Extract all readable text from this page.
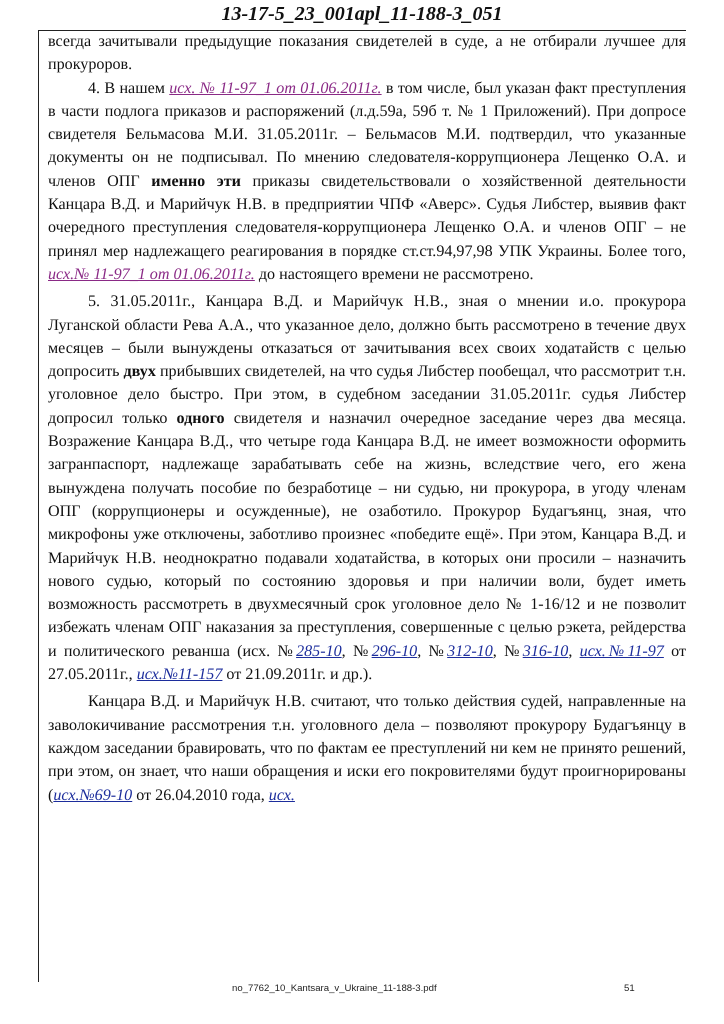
13-17-5_23_001apl_11-188-3_051

всегда зачитывали предыдущие показания свидетелей в суде, а не отбирали лучшее для прокуроров.

4. В нашем исх. № 11-97_1 от 01.06.2011г. в том числе, был указан факт преступления в части подлога приказов и распоряжений (л.д.59а, 59б т. № 1 Приложений). При допросе свидетеля Бельмасова М.И. 31.05.2011г. – Бельмасов М.И. подтвердил, что указанные документы он не подписывал. По мнению следователя-коррупционера Лещенко О.А. и членов ОПГ именно эти приказы свидетельствовали о хозяйственной деятельности Канцара В.Д. и Марийчук Н.В. в предприятии ЧПФ «Аверс». Судья Либстер, выявив факт очередного преступления следователя-коррупционера Лещенко О.А. и членов ОПГ – не принял мер надлежащего реагирования в порядке ст.ст.94,97,98 УПК Украины. Более того, исх.№ 11-97_1 от 01.06.2011г. до настоящего времени не рассмотрено.

5. 31.05.2011г., Канцара В.Д. и Марийчук Н.В., зная о мнении и.о. прокурора Луганской области Рева А.А., что указанное дело, должно быть рассмотрено в течение двух месяцев – были вынуждены отказаться от зачитывания всех своих ходатайств с целью допросить двух прибывших свидетелей, на что судья Либстер пообещал, что рассмотрит т.н. уголовное дело быстро. При этом, в судебном заседании 31.05.2011г. судья Либстер допросил только одного свидетеля и назначил очередное заседание через два месяца. Возражение Канцара В.Д., что четыре года Канцара В.Д. не имеет возможности оформить загранпаспорт, надлежаще зарабатывать себе на жизнь, вследствие чего, его жена вынуждена получать пособие по безработице – ни судью, ни прокурора, в угоду членам ОПГ (коррупционеры и осужденные), не озаботило. Прокурор Будагъянц, зная, что микрофоны уже отключены, заботливо произнес «победите ещё». При этом, Канцара В.Д. и Марийчук Н.В. неоднократно подавали ходатайства, в которых они просили – назначить нового судью, который по состоянию здоровья и при наличии воли, будет иметь возможность рассмотреть в двухмесячный срок уголовное дело № 1-16/12 и не позволит избежать членам ОПГ наказания за преступления, совершенные с целью рэкета, рейдерства и политического реванша (исх. №285-10, №296-10, №312-10, №316-10, исх.№11-97 от 27.05.2011г., исх.№11-157 от 21.09.2011г. и др.).

Канцара В.Д. и Марийчук Н.В. считают, что только действия судей, направленные на заволокичивание рассмотрения т.н. уголовного дела – позволяют прокурору Будагъянцу в каждом заседании бравировать, что по фактам ее преступлений ни кем не принято решений, при этом, он знает, что наши обращения и иски его покровителями будут проигнорированы (исх.№69-10 от 26.04.2010 года, исх.

no_7762_10_Kantsara_v_Ukraine_11-188-3.pdf	51
